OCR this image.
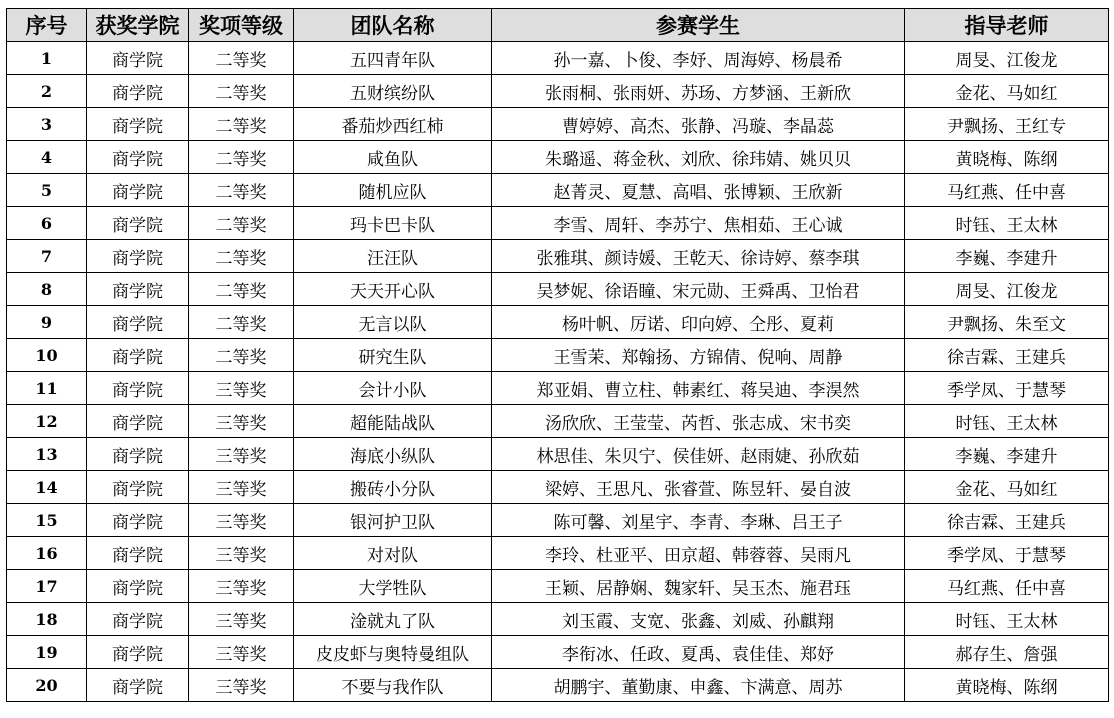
序号	获奖学院	奖项等级	团队名称	参赛学生	指导老师
1	商学院	二等奖	五四青年队	孙一嘉、卜俊、李妤、周海婷、杨晨希	周旻、江俊龙
2	商学院	二等奖	五财缤纷队	张雨桐、张雨妍、苏玚、方梦涵、王新欣	金花、马如红
3	商学院	二等奖	番茄炒西红柿	曹婷婷、高杰、张静、冯璇、李晶蕊	尹飘扬、王红专
4	商学院	二等奖	咸鱼队	朱璐遥、蒋金秋、刘欣、徐玮婧、姚贝贝	黄晓梅、陈纲
5	商学院	二等奖	随机应队	赵菁灵、夏慧、高唱、张博颖、王欣新	马红燕、任中喜
6	商学院	二等奖	玛卡巴卡队	李雪、周轩、李苏宁、焦相茹、王心诚	时钰、王太林
7	商学院	二等奖	汪汪队	张雅琪、颜诗媛、王乾天、徐诗婷、蔡李琪	李巍、李建升
8	商学院	二等奖	天天开心队	吴梦妮、徐语瞳、宋元勋、王舜禹、卫怡君	周旻、江俊龙
9	商学院	二等奖	无言以队	杨叶帆、厉诺、印向婷、仝彤、夏莉	尹飘扬、朱至文
10	商学院	二等奖	研究生队	王雪茉、郑翰扬、方锦倩、倪响、周静	徐吉霖、王建兵
11	商学院	三等奖	会计小队	郑亚娟、曹立柱、韩素红、蒋吴迪、李淏然	季学凤、于慧琴
12	商学院	三等奖	超能陆战队	汤欣欣、王莹莹、芮哲、张志成、宋书奕	时钰、王太林
13	商学院	三等奖	海底小纵队	林思佳、朱贝宁、侯佳妍、赵雨婕、孙欣茹	李巍、李建升
14	商学院	三等奖	搬砖小分队	梁婷、王思凡、张睿萱、陈昱轩、晏自波	金花、马如红
15	商学院	三等奖	银河护卫队	陈可馨、刘星宇、李青、李琳、吕王子	徐吉霖、王建兵
16	商学院	三等奖	对对队	李玲、杜亚平、田京超、韩蓉蓉、吴雨凡	季学凤、于慧琴
17	商学院	三等奖	大学牲队	王颖、居静娴、魏家轩、吴玉杰、施君珏	马红燕、任中喜
18	商学院	三等奖	淦就丸了队	刘玉霞、支宽、张鑫、刘威、孙麒翔	时钰、王太林
19	商学院	三等奖	皮皮虾与奥特曼组队	李衔冰、任政、夏禹、袁佳佳、郑妤	郝存生、詹强
20	商学院	三等奖	不要与我作队	胡鹏宇、董勤康、申鑫、卞满意、周苏	黄晓梅、陈纲
